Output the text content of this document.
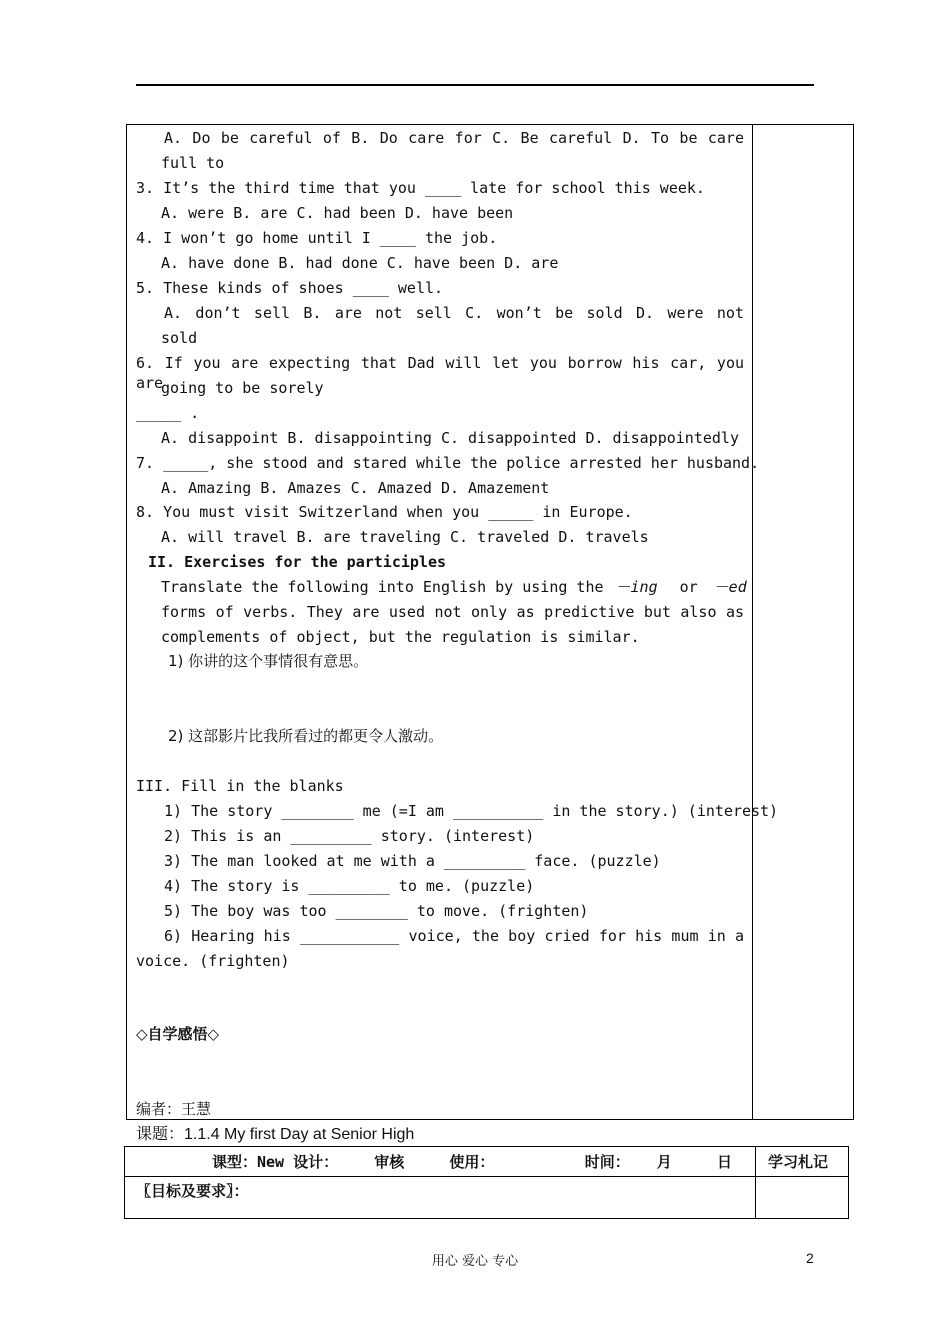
A. Do be careful of B. Do care for C. Be careful D. To be care
full to
3. It’s the third time that you ____ late for school this week.
A. were B. are C. had been D. have been
4. I won’t go home until I ____ the job.
A. have done B. had done C. have been D. are
5. These kinds of shoes ____ well.
A. don’t sell B. are not sell C. won’t be sold D. were not
sold
6. If you are expecting that Dad will let you borrow his car, you are
going to be sorely
_____ .
A. disappoint B. disappointing C. disappointed D. disappointedly
7. _____, she stood and stared while the police arrested her husband.
A. Amazing B. Amazes C. Amazed D. Amazement
8. You must visit Switzerland when you _____ in Europe.
A. will travel B. are traveling C. traveled D. travels
II. Exercises for the participles
Translate the following into English by using the －ing or －ed
forms of verbs. They are used not only as predictive but also as
complements of object, but the regulation is similar.
1) 你讲的这个事情很有意思。
2) 这部影片比我所看过的都更令人激动。
III. Fill in the blanks
1) The story ________ me (=I am __________ in the story.) (interest)
2) This is an _________ story. (interest)
3) The man looked at me with a _________ face. (puzzle)
4) The story is _________ to me. (puzzle)
5) The boy was too ________ to move. (frighten)
6) Hearing his ___________ voice, the boy cried for his mum in a
voice. (frighten)
◇自学感悟◇
编者：王慧
课题：1.1.4 My first Day at Senior High
课型：New 设计：    审核     使用：          时间：   月     日 学习札记
〖目标及要求〗：
用心 爱心 专心	2
